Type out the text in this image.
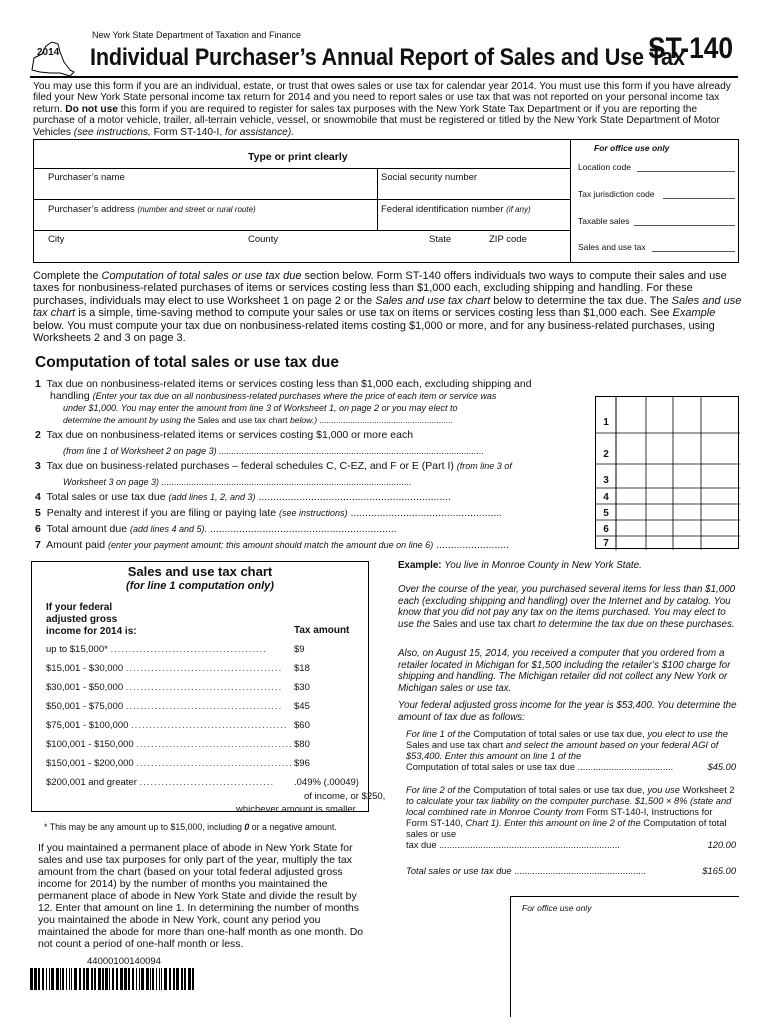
New York State Department of Taxation and Finance
2014 Individual Purchaser’s Annual Report of Sales and Use Tax
ST-140
You may use this form if you are an individual, estate, or trust that owes sales or use tax for calendar year 2014. You must use this form if you have already filed your New York State personal income tax return for 2014 and you need to report sales or use tax that was not reported on your personal income tax return. Do not use this form if you are required to register for sales tax purposes with the New York State Tax Department or if you are reporting the purchase of a motor vehicle, trailer, all-terrain vehicle, vessel, or snowmobile that must be registered or titled by the New York State Department of Motor Vehicles (see instructions, Form ST-140-I, for assistance).
Type or print clearly
Purchaser’s name	Social security number
Purchaser’s address (number and street or rural route)	Federal identification number (if any)
City	County	State	ZIP code
For office use only
Location code
Tax jurisdiction code
Taxable sales
Sales and use tax
Complete the Computation of total sales or use tax due section below. Form ST-140 offers individuals two ways to compute their sales and use taxes for nonbusiness-related purchases of items or services costing less than $1,000 each, excluding shipping and handling. For these purchases, individuals may elect to use Worksheet 1 on page 2 or the Sales and use tax chart below to determine the tax due. The Sales and use tax chart is a simple, time-saving method to compute your sales or use tax on items or services costing less than $1,000 each. See Example below. You must compute your tax due on nonbusiness-related items costing $1,000 or more, and for any business-related purchases, using Worksheets 2 and 3 on page 3.
Computation of total sales or use tax due
1 Tax due on nonbusiness-related items or services costing less than $1,000 each, excluding shipping and
handling (Enter your tax due on all nonbusiness-related purchases where the price of each item or service was
under $1,000. You may enter the amount from line 3 of Worksheet 1, on page 2 or you may elect to
determine the amount by using the Sales and use tax chart below.) ........................................................
2 Tax due on nonbusiness-related items or services costing $1,000 or more each
(from line 1 of Worksheet 2 on page 3) ..........................................................................................................
3 Tax due on business-related purchases – federal schedules C, C-EZ, and F or E (Part I) (from line 3 of
Worksheet 3 on page 3) ....................................................................................................
4 Total sales or use tax due (add lines 1, 2, and 3) ..................................................................
5 Penalty and interest if you are filing or paying late (see instructions) ....................................................
6 Total amount due (add lines 4 and 5). ................................................................
7 Amount paid (enter your payment amount; this amount should match the amount due on line 6) .........................
1
2
3
4
5
6
7
Sales and use tax chart
(for line 1 computation only)
If your federal
adjusted gross
income for 2014 is:	Tax amount
up to $15,000* ...........................................	$9
$15,001 - $30,000 ...........................................	$18
$30,001 - $50,000 ...........................................	$30
$50,001 - $75,000 ...........................................	$45
$75,001 - $100,000 ........................................... $60
$100,001 - $150,000 ........................................... $80
$150,001 - $200,000 ........................................... $96
$200,001 and greater .....................................	.049% (.00049)
of income, or $250,
whichever amount is smaller
* This may be any amount up to $15,000, including 0 or a negative amount.
If you maintained a permanent place of abode in New York State for sales and use tax purposes for only part of the year, multiply the tax amount from the chart (based on your total federal adjusted gross income for 2014) by the number of months you maintained the permanent place of abode in New York State and divide the result by 12. Enter that amount on line 1. In determining the number of months you maintained the abode in New York, count any period you maintained the abode for more than one-half month as one month. Do not count a period of one-half month or less.
Example: You live in Monroe County in New York State.
Over the course of the year, you purchased several items for less than $1,000 each (excluding shipping and handling) over the Internet and by catalog. You know that you did not pay any tax on the items purchased. You may elect to use the Sales and use tax chart to determine the tax due on these purchases.
Also, on August 15, 2014, you received a computer that you ordered from a retailer located in Michigan for $1,500 including the retailer’s $100 charge for shipping and handling. The Michigan retailer did not collect any New York or Michigan sales or use tax.
Your federal adjusted gross income for the year is $53,400. You determine the amount of tax due as follows:
For line 1 of the Computation of total sales or use tax due, you elect to use the Sales and use tax chart and select the amount based on your federal AGI of $53,400. Enter this amount on line 1 of the
Computation of total sales or use tax due .....................................	$45.00
For line 2 of the Computation of total sales or use tax due, you use Worksheet 2 to calculate your tax liability on the computer purchase. $1,500 × 8% (state and local combined rate in Monroe County from Form ST-140-I, Instructions for Form ST-140, Chart 1). Enter this amount on line 2 of the Computation of total sales or use
tax due ......................................................................	120.00
Total sales or use tax due ...................................................	$165.00
For office use only
44000100140094
